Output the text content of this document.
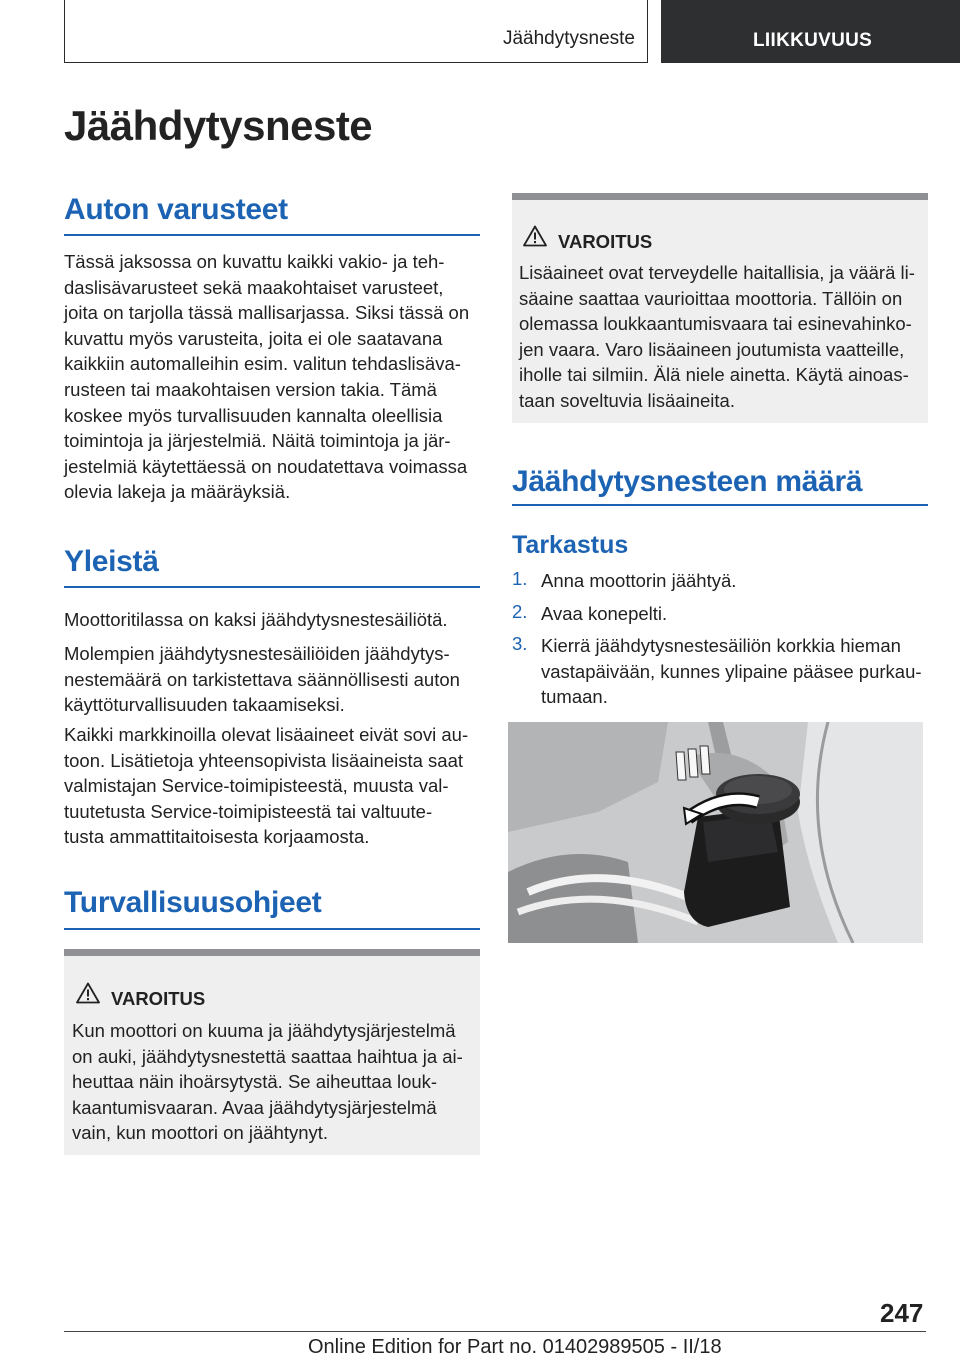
Jäähdytysneste	LIIKKUVUUS
Jäähdytysneste
Auton varusteet
Tässä jaksossa on kuvattu kaikki vakio- ja teh-
daslisävarusteet sekä maakohtaiset varusteet,
joita on tarjolla tässä mallisarjassa. Siksi tässä on
kuvattu myös varusteita, joita ei ole saatavana
kaikkiin automalleihin esim. valitun tehdaslisäva-
rusteen tai maakohtaisen version takia. Tämä
koskee myös turvallisuuden kannalta oleellisia
toimintoja ja järjestelmiä. Näitä toimintoja ja jär-
jestelmiä käytettäessä on noudatettava voimassa
olevia lakeja ja määräyksiä.
Yleistä
Moottoritilassa on kaksi jäähdytysnestesäiliötä.
Molempien jäähdytysnestesäiliöiden jäähdytys-
nestemäärä on tarkistettava säännöllisesti auton
käyttöturvallisuuden takaamiseksi.
Kaikki markkinoilla olevat lisäaineet eivät sovi au-
toon. Lisätietoja yhteensopivista lisäaineista saat
valmistajan Service-toimipisteestä, muusta val-
tuutetusta Service-toimipisteestä tai valtuute-
tusta ammattitaitoisesta korjaamosta.
Turvallisuusohjeet
VAROITUS
Kun moottori on kuuma ja jäähdytysjärjestelmä
on auki, jäähdytysnestettä saattaa haihtua ja ai-
heuttaa näin ihoärsytystä. Se aiheuttaa louk-
kaantumisvaaran. Avaa jäähdytysjärjestelmä
vain, kun moottori on jäähtynyt.
VAROITUS
Lisäaineet ovat terveydelle haitallisia, ja väärä li-
säaine saattaa vaurioittaa moottoria. Tällöin on
olemassa loukkaantumisvaara tai esinevahinko-
jen vaara. Varo lisäaineen joutumista vaatteille,
iholle tai silmiin. Älä niele ainetta. Käytä ainoas-
taan soveltuvia lisäaineita.
Jäähdytysnesteen määrä
Tarkastus
1. Anna moottorin jäähtyä.
2. Avaa konepelti.
3. Kierrä jäähdytysnestesäiliön korkkia hieman
vastapäivään, kunnes ylipaine pääsee purkau-
tumaan.
247
Online Edition for Part no. 01402989505 - II/18
